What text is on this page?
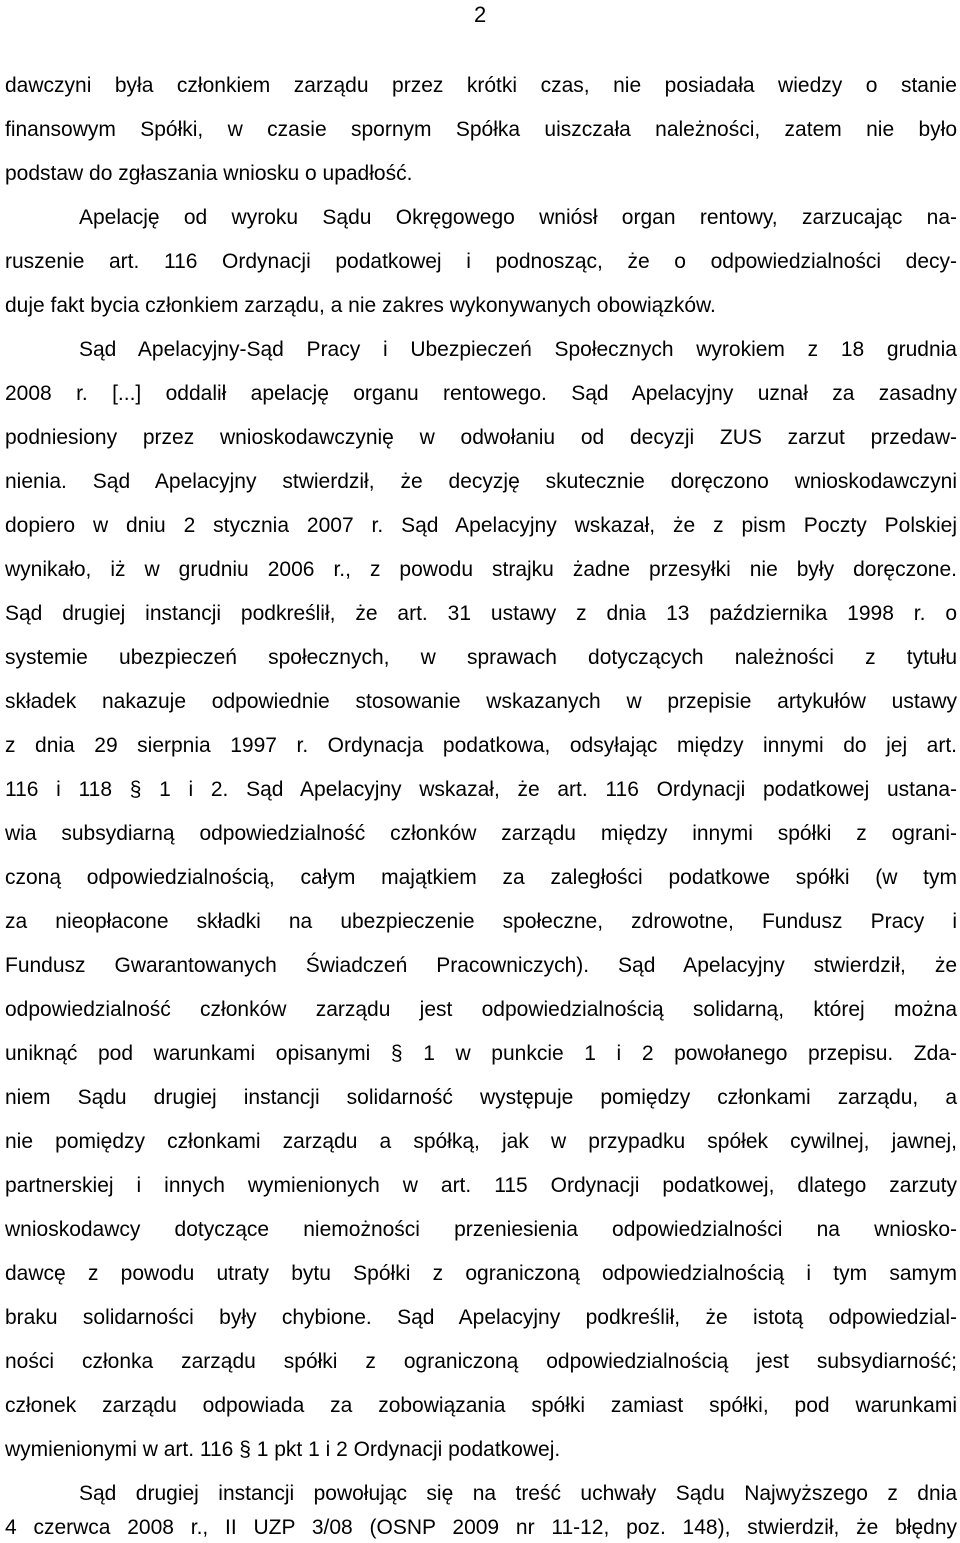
2
dawczyni była członkiem zarządu przez krótki czas, nie posiadała wiedzy o stanie
finansowym Spółki, w czasie spornym Spółka uiszczała należności, zatem nie było
podstaw do zgłaszania wniosku o upadłość.
Apelację od wyroku Sądu Okręgowego wniósł organ rentowy, zarzucając na-
ruszenie art. 116 Ordynacji podatkowej i podnosząc, że o odpowiedzialności decy-
duje fakt bycia członkiem zarządu, a nie zakres wykonywanych obowiązków.
Sąd Apelacyjny-Sąd Pracy i Ubezpieczeń Społecznych wyrokiem z 18 grudnia
2008 r. [...] oddalił apelację organu rentowego. Sąd Apelacyjny uznał za zasadny
podniesiony przez wnioskodawczynię w odwołaniu od decyzji ZUS zarzut przedaw-
nienia. Sąd Apelacyjny stwierdził, że decyzję skutecznie doręczono wnioskodawczyni
dopiero w dniu 2 stycznia 2007 r. Sąd Apelacyjny wskazał, że z pism Poczty Polskiej
wynikało, iż w grudniu 2006 r., z powodu strajku żadne przesyłki nie były doręczone.
Sąd drugiej instancji podkreślił, że art. 31 ustawy z dnia 13 października 1998 r. o
systemie ubezpieczeń społecznych, w sprawach dotyczących należności z tytułu
składek nakazuje odpowiednie stosowanie wskazanych w przepisie artykułów ustawy
z dnia 29 sierpnia 1997 r. Ordynacja podatkowa, odsyłając między innymi do jej art.
116 i 118 § 1 i 2. Sąd Apelacyjny wskazał, że art. 116 Ordynacji podatkowej ustana-
wia subsydiarną odpowiedzialność członków zarządu między innymi spółki z ograni-
czoną odpowiedzialnością, całym majątkiem za zaległości podatkowe spółki (w tym
za nieopłacone składki na ubezpieczenie społeczne, zdrowotne, Fundusz Pracy i
Fundusz Gwarantowanych Świadczeń Pracowniczych). Sąd Apelacyjny stwierdził, że
odpowiedzialność członków zarządu jest odpowiedzialnością solidarną, której można
uniknąć pod warunkami opisanymi § 1 w punkcie 1 i 2 powołanego przepisu. Zda-
niem Sądu drugiej instancji solidarność występuje pomiędzy członkami zarządu, a
nie pomiędzy członkami zarządu a spółką, jak w przypadku spółek cywilnej, jawnej,
partnerskiej i innych wymienionych w art. 115 Ordynacji podatkowej, dlatego zarzuty
wnioskodawcy dotyczące niemożności przeniesienia odpowiedzialności na wniosko-
dawcę z powodu utraty bytu Spółki z ograniczoną odpowiedzialnością i tym samym
braku solidarności były chybione. Sąd Apelacyjny podkreślił, że istotą odpowiedzial-
ności członka zarządu spółki z ograniczoną odpowiedzialnością jest subsydiarność;
członek zarządu odpowiada za zobowiązania spółki zamiast spółki, pod warunkami
wymienionymi w art. 116 § 1 pkt 1 i 2 Ordynacji podatkowej.
Sąd drugiej instancji powołując się na treść uchwały Sądu Najwyższego z dnia
4 czerwca 2008 r., II UZP 3/08 (OSNP 2009 nr 11-12, poz. 148), stwierdził, że błędny
